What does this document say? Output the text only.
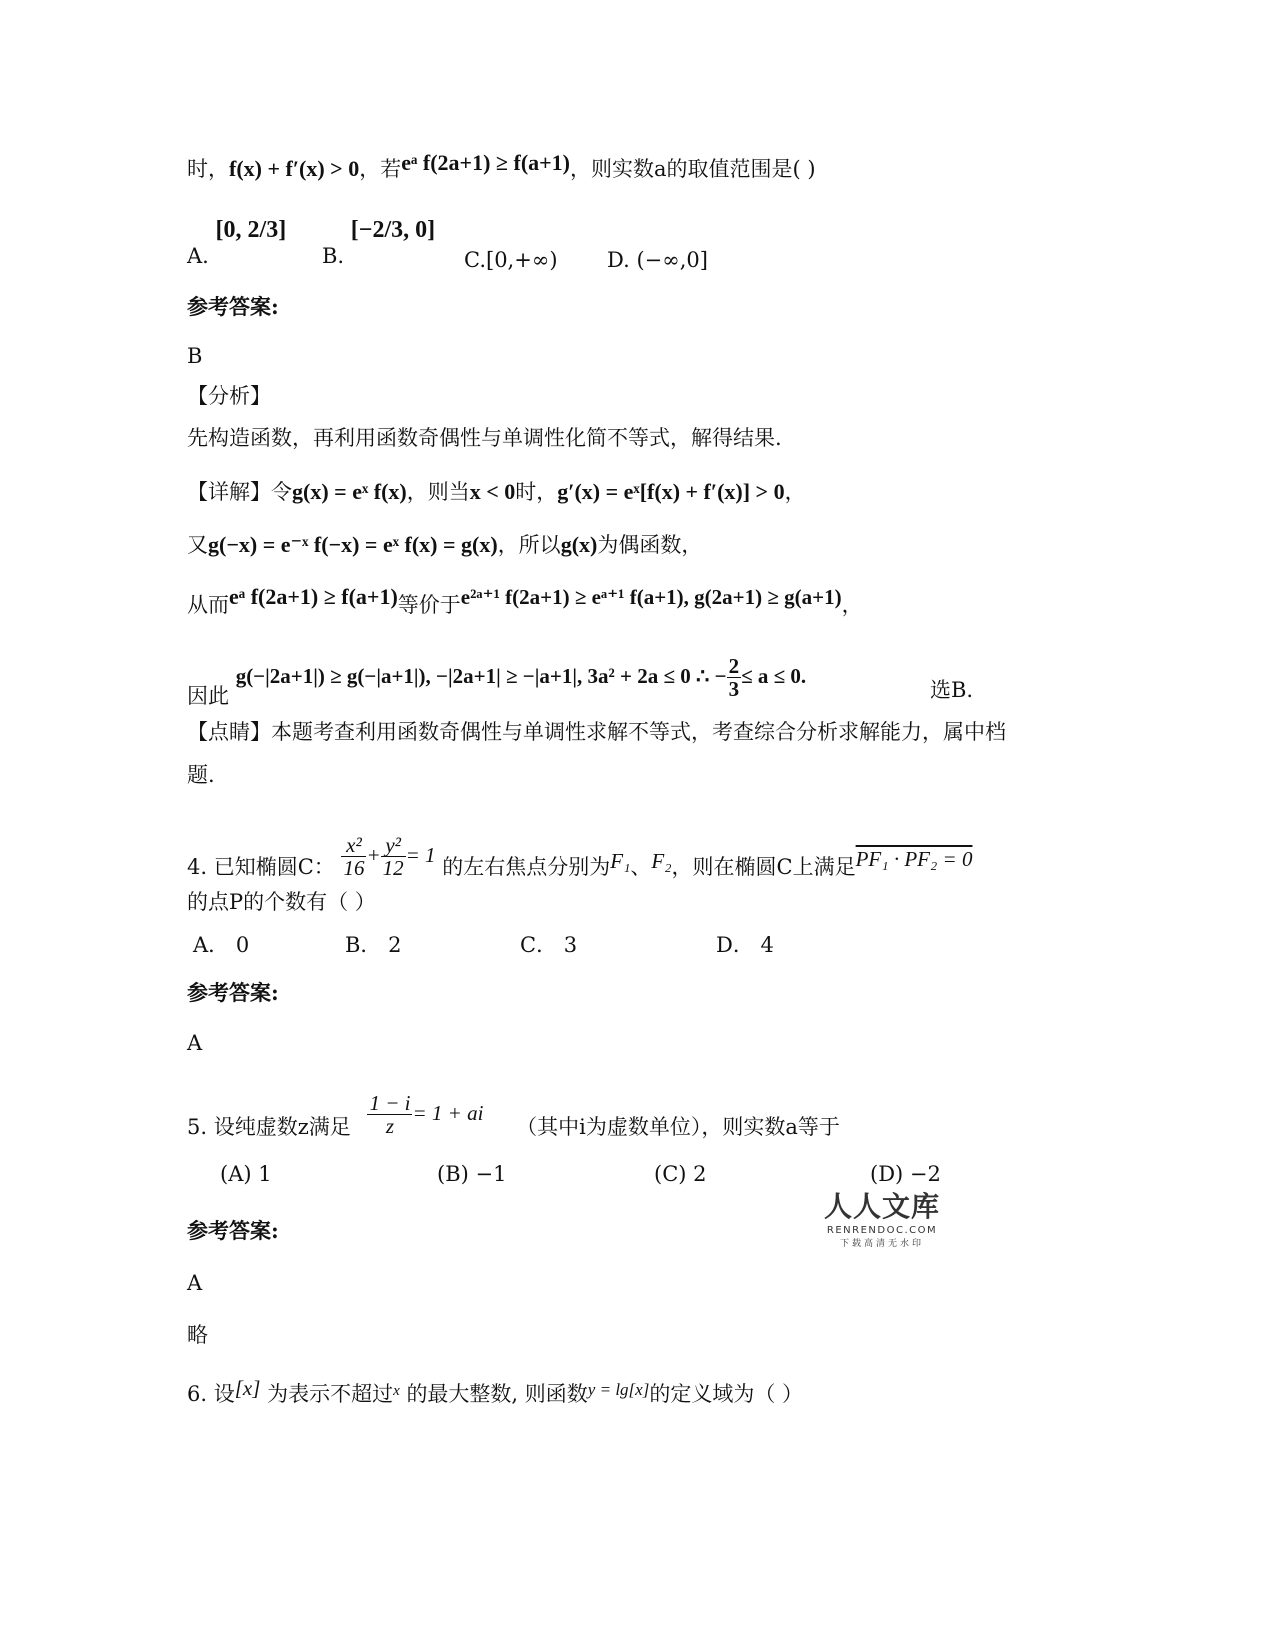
时，f(x) + f′(x) > 0，若eᵃ f(2a+1) ≥ f(a+1)，则实数a的取值范围是( )
A. [0, 2/3]
B. [−2/3, 0]
C.[0,+∞) D. (−∞,0]
参考答案:
B
【分析】
先构造函数，再利用函数奇偶性与单调性化简不等式，解得结果.
【详解】令g(x) = eˣ f(x)，则当x < 0时，g′(x) = eˣ[f(x) + f′(x)] > 0，
又g(−x) = e⁻ˣ f(−x) = eˣ f(x) = g(x)，所以g(x)为偶函数，
从而eᵃ f(2a+1) ≥ f(a+1)等价于e²ᵃ⁺¹ f(2a+1) ≥ eᵃ⁺¹ f(a+1), g(2a+1) ≥ g(a+1)，
因此 g(−|2a+1|) ≥ g(−|a+1|), −|2a+1| ≥ −|a+1|, 3a² + 2a ≤ 0 ∴ − $\frac{2}{3} \le a \le 0$.
选B.
【点睛】本题考查利用函数奇偶性与单调性求解不等式，考查综合分析求解能力，属中档
题.
4. 已知椭圆C： $\frac{\text{x²}}{16} + \frac{\text{y²}}{12} = 1$ 的左右焦点分别为F₁、F₂，则在椭圆C上满足PF₁ · PF₂ = 0
的点P的个数有（ ）
A． 0	B． 2	C． 3	D． 4
参考答案:
A
5. 设纯虚数z满足 $\frac{1 - i}{z} = 1$ + ai （其中i为虚数单位），则实数a等于
(A) 1	(B) −1	(C) 2	(D) −2
参考答案:
A
略
6. 设[x] 为表示不超过$^x$ 的最大整数, 则函数$^{y = lg[x]}$的定义域为（ ）
人人文库
RENRENDOC.COM
下载高清无水印
